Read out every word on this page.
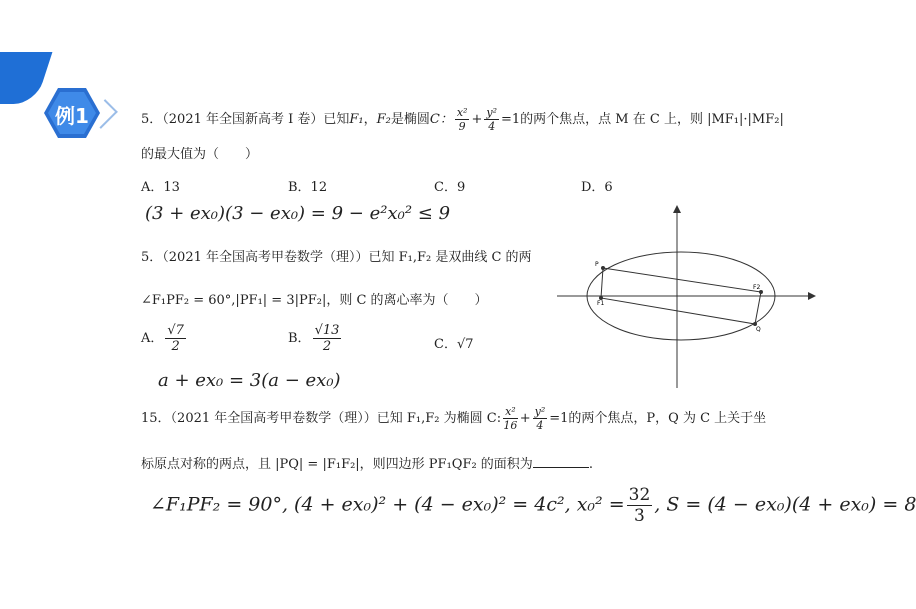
例1	5．（2021 年全国新高考 I 卷）已知F₁，F₂是椭圆C： $\frac{\text{x²}}{9} + \frac{\text{y²}}{4} =1$的两个焦点，点 M 在 C 上，则 |MF₁|·|MF₂|
的最大值为（　　）
A．13	B．12	C．9	D．6
(3 + ex₀)(3 − ex₀) = 9 − e²x₀² ≤ 9
5．（2021 年全国高考甲卷数学（理））已知 F₁,F₂ 是双曲线 C 的两
∠F₁PF₂ = 60°,|PF₁| = 3|PF₂|，则 C 的离心率为（　　）
A． $\frac{√7}{2}$	B． $\frac{√13}{2}$	C．√7
a + ex₀ = 3(a − ex₀)
P
F1
F2
Q
15．（2021 年全国高考甲卷数学（理））已知 F₁,F₂ 为椭圆 C: $\frac{\text{x²}}{16} + \frac{\text{y²}}{4} =1$的两个焦点，P，Q 为 C 上关于坐
标原点对称的两点，且 |PQ| = |F₁F₂|，则四边形 PF₁QF₂ 的面积为	.
∠F₁PF₂ = 90°, (4 + ex₀)² + (4 − ex₀)² = 4c², $x_0^2 = \frac{32}{3}$ , S = (4 − ex₀)(4 + ex₀) = 8
